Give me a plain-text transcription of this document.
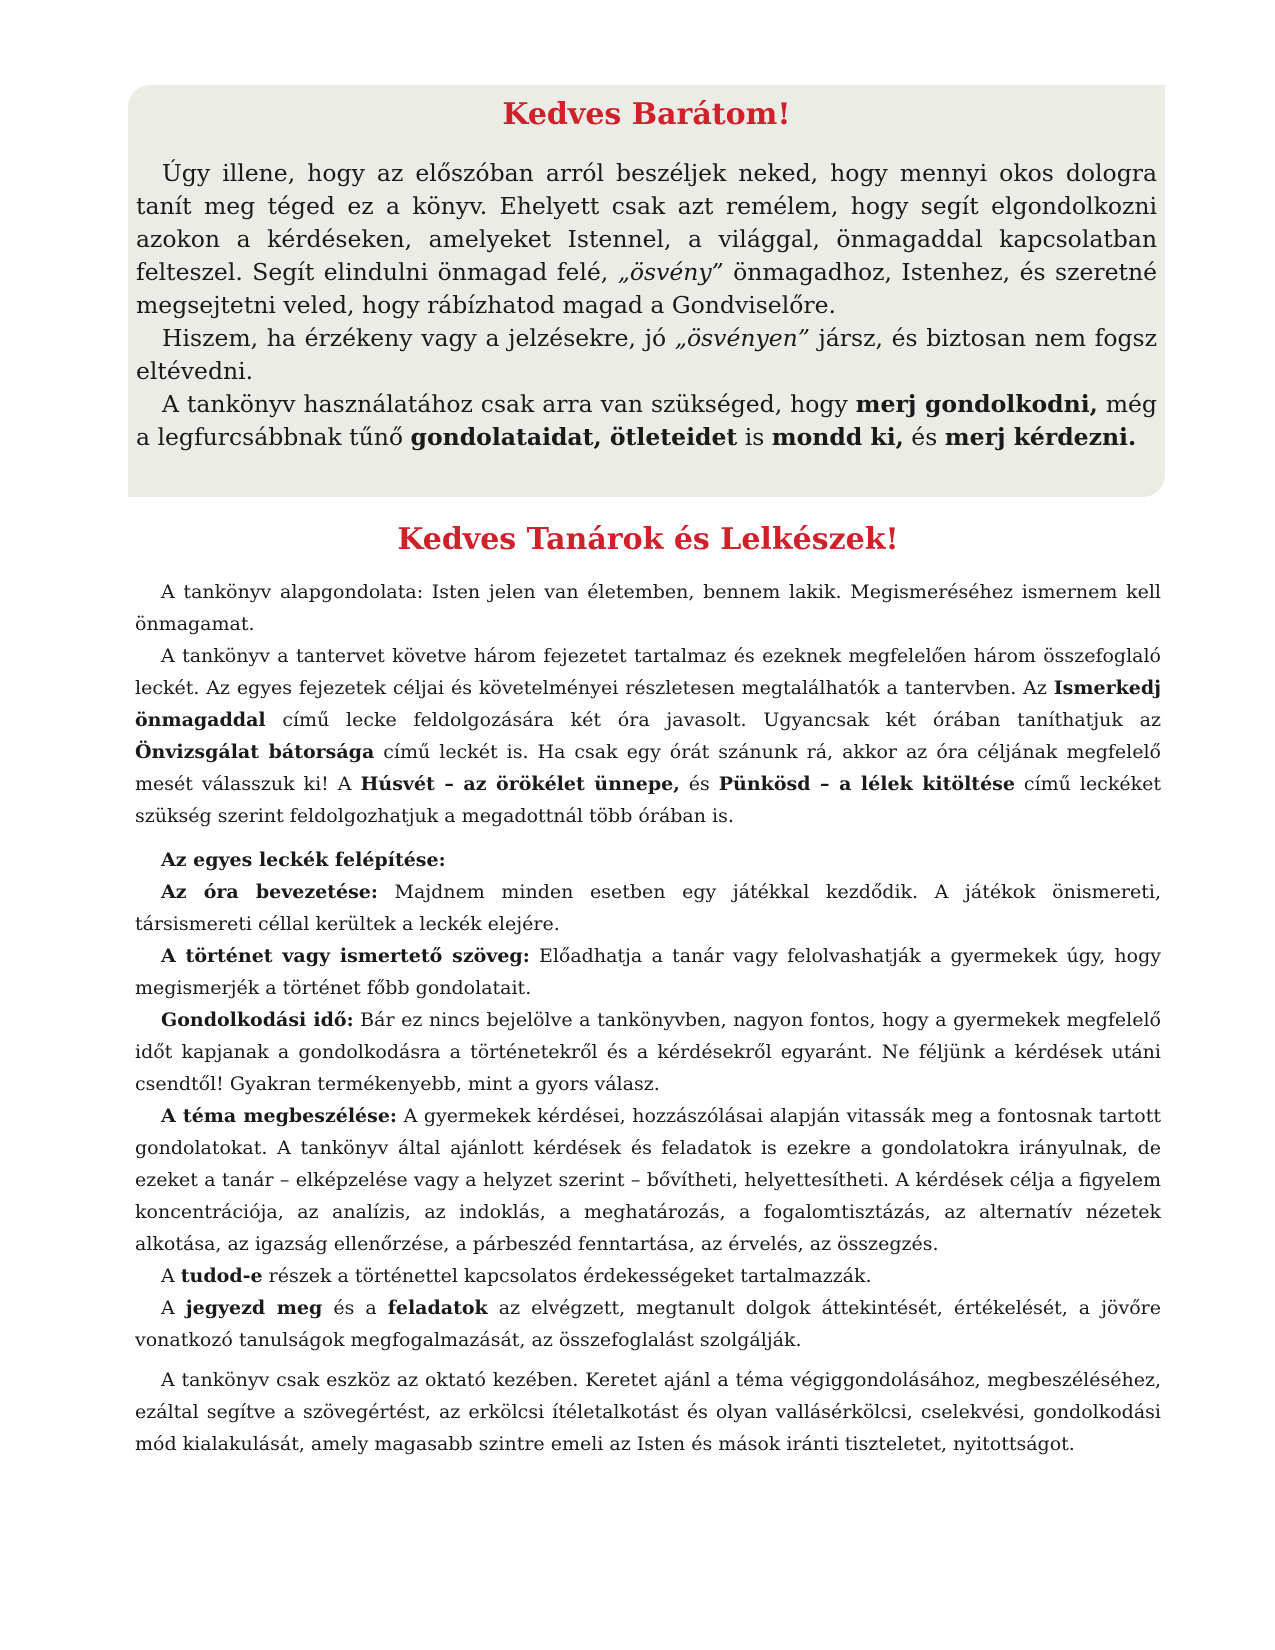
Kedves Barátom!

Úgy illene, hogy az előszóban arról beszéljek neked, hogy mennyi okos dologra tanít meg téged ez a könyv. Ehelyett csak azt remélem, hogy segít elgondolkozni azokon a kérdéseken, amelyeket Istennel, a világgal, önmagaddal kapcsolatban felteszel. Segít elindulni önmagad felé, „ösvény” önmagadhoz, Istenhez, és szeretné megsejtetni veled, hogy rábízhatod magad a Gondviselőre.

Hiszem, ha érzékeny vagy a jelzésekre, jó „ösvényen” jársz, és biztosan nem fogsz eltévedni.

A tankönyv használatához csak arra van szükséged, hogy merj gondolkodni, még a legfurcsábbnak tűnő gondolataidat, ötleteidet is mondd ki, és merj kérdezni.

Kedves Tanárok és Lelkészek!

A tankönyv alapgondolata: Isten jelen van életemben, bennem lakik. Megismeréséhez ismernem kell önmagamat.

A tankönyv a tantervet követve három fejezetet tartalmaz és ezeknek megfelelően három összefoglaló leckét. Az egyes fejezetek céljai és követelményei részletesen megtalálhatók a tantervben. Az Ismerkedj önmagaddal című lecke feldolgozására két óra javasolt. Ugyancsak két órában taníthatjuk az Önvizsgálat bátorsága című leckét is. Ha csak egy órát szánunk rá, akkor az óra céljának megfelelő mesét válasszuk ki! A Húsvét – az örökélet ünnepe, és Pünkösd – a lélek kitöltése című leckéket szükség szerint feldolgozhatjuk a megadottnál több órában is.

Az egyes leckék felépítése:

Az óra bevezetése: Majdnem minden esetben egy játékkal kezdődik. A játékok önismereti, társismereti céllal kerültek a leckék elejére.

A történet vagy ismertető szöveg: Előadhatja a tanár vagy felolvashatják a gyermekek úgy, hogy megismerjék a történet főbb gondolatait.

Gondolkodási idő: Bár ez nincs bejelölve a tankönyvben, nagyon fontos, hogy a gyermekek megfelelő időt kapjanak a gondolkodásra a történetekről és a kérdésekről egyaránt. Ne féljünk a kérdések utáni csendtől! Gyakran termékenyebb, mint a gyors válasz.

A téma megbeszélése: A gyermekek kérdései, hozzászólásai alapján vitassák meg a fontosnak tartott gondolatokat. A tankönyv által ajánlott kérdések és feladatok is ezekre a gondolatokra irányulnak, de ezeket a tanár – elképzelése vagy a helyzet szerint – bővítheti, helyettesítheti. A kérdések célja a figyelem koncentrációja, az analízis, az indoklás, a meghatározás, a fogalomtisztázás, az alternatív nézetek alkotása, az igazság ellenőrzése, a párbeszéd fenntartása, az érvelés, az összegzés.

A tudod-e részek a történettel kapcsolatos érdekességeket tartalmazzák.

A jegyezd meg és a feladatok az elvégzett, megtanult dolgok áttekintését, értékelését, a jövőre vonatkozó tanulságok megfogalmazását, az összefoglalást szolgálják.

A tankönyv csak eszköz az oktató kezében. Keretet ajánl a téma végiggondolásához, megbeszéléséhez, ezáltal segítve a szövegértést, az erkölcsi ítéletalkotást és olyan vallásérkölcsi, cselekvési, gondolkodási mód kialakulását, amely magasabb szintre emeli az Isten és mások iránti tiszteletet, nyitottságot.
